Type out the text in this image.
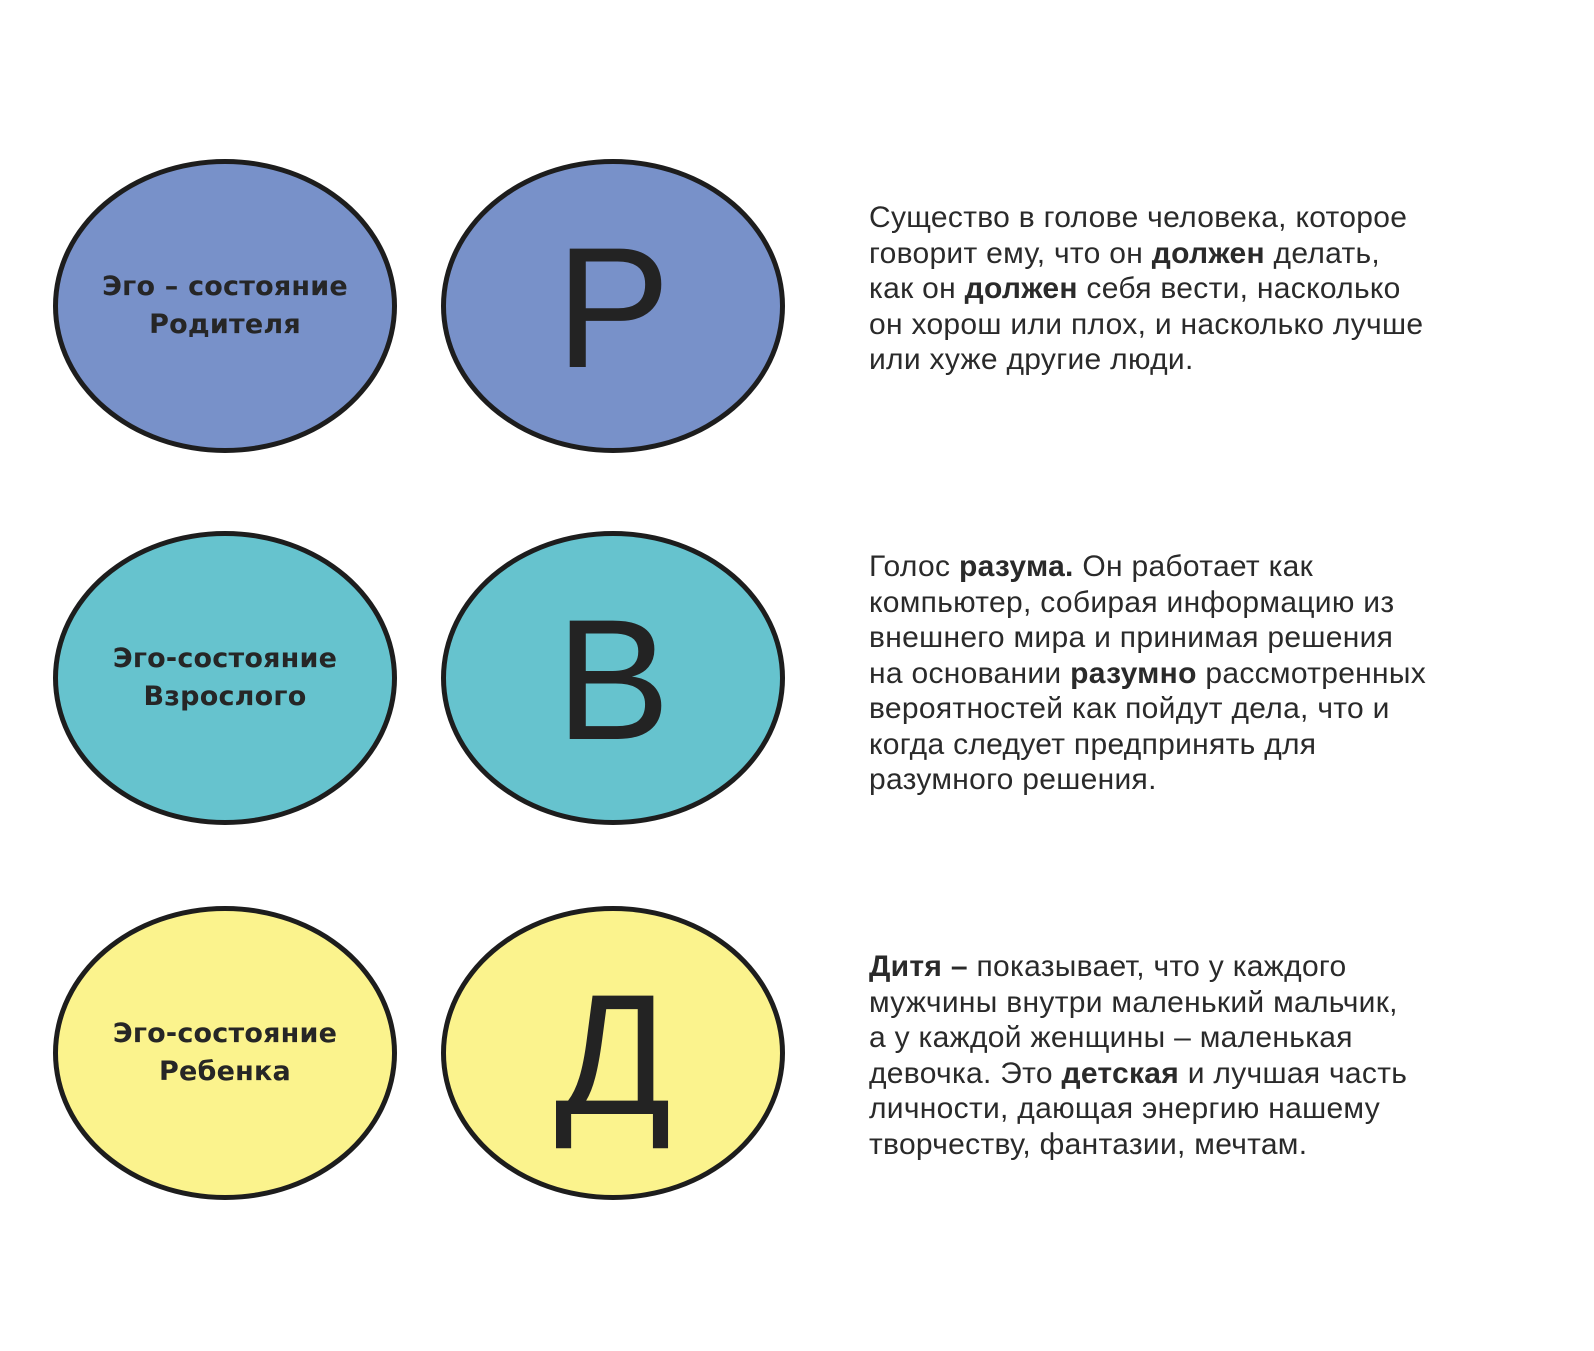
Эго – состояние
Родителя Р	Существо в голове человека, которое
говорит ему, что он должен делать,
как он должен себя вести, насколько
он хорош или плох, и насколько лучше
или хуже другие люди.

Эго-состояние
Взрослого В

Голос разума. Он работает как
компьютер, собирая информацию из
внешнего мира и принимая решения
на основании разумно рассмотренных
вероятностей как пойдут дела, что и
когда следует предпринять для
разумного решения.

Эго-состояние
Ребенка Д	Дитя – показывает, что у каждого
мужчины внутри маленький мальчик,
а у каждой женщины – маленькая
девочка. Это детская и лучшая часть
личности, дающая энергию нашему
творчеству, фантазии, мечтам.
